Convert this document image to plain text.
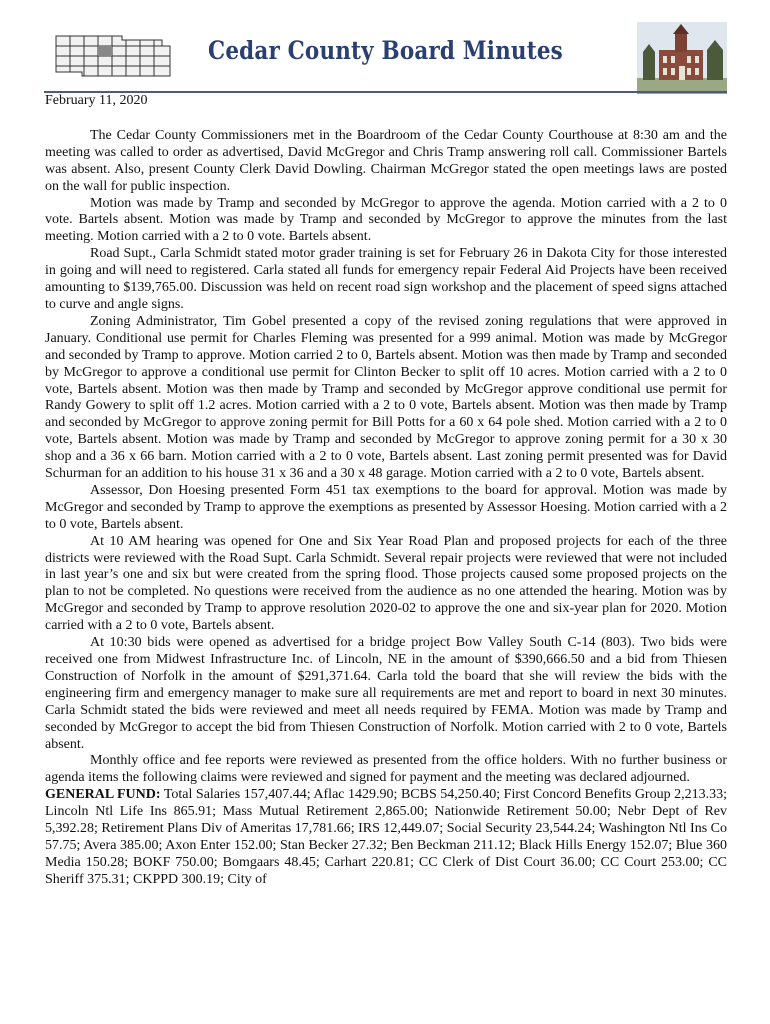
Cedar County Board Minutes

February 11, 2020

The Cedar County Commissioners met in the Boardroom of the Cedar County Courthouse at 8:30 am and the meeting was called to order as advertised, David McGregor and Chris Tramp answering roll call. Commissioner Bartels was absent. Also, present County Clerk David Dowling. Chairman McGregor stated the open meetings laws are posted on the wall for public inspection.

Motion was made by Tramp and seconded by McGregor to approve the agenda. Motion carried with a 2 to 0 vote. Bartels absent. Motion was made by Tramp and seconded by McGregor to approve the minutes from the last meeting. Motion carried with a 2 to 0 vote. Bartels absent.

Road Supt., Carla Schmidt stated motor grader training is set for February 26 in Dakota City for those interested in going and will need to registered. Carla stated all funds for emergency repair Federal Aid Projects have been received amounting to $139,765.00. Discussion was held on recent road sign workshop and the placement of speed signs attached to curve and angle signs.

Zoning Administrator, Tim Gobel presented a copy of the revised zoning regulations that were approved in January. Conditional use permit for Charles Fleming was presented for a 999 animal. Motion was made by McGregor and seconded by Tramp to approve. Motion carried 2 to 0, Bartels absent. Motion was then made by Tramp and seconded by McGregor to approve a conditional use permit for Clinton Becker to split off 10 acres. Motion carried with a 2 to 0 vote, Bartels absent. Motion was then made by Tramp and seconded by McGregor approve conditional use permit for Randy Gowery to split off 1.2 acres. Motion carried with a 2 to 0 vote, Bartels absent. Motion was then made by Tramp and seconded by McGregor to approve zoning permit for Bill Potts for a 60 x 64 pole shed. Motion carried with a 2 to 0 vote, Bartels absent. Motion was made by Tramp and seconded by McGregor to approve zoning permit for a 30 x 30 shop and a 36 x 66 barn. Motion carried with a 2 to 0 vote, Bartels absent. Last zoning permit presented was for David Schurman for an addition to his house 31 x 36 and a 30 x 48 garage. Motion carried with a 2 to 0 vote, Bartels absent.

Assessor, Don Hoesing presented Form 451 tax exemptions to the board for approval. Motion was made by McGregor and seconded by Tramp to approve the exemptions as presented by Assessor Hoesing. Motion carried with a 2 to 0 vote, Bartels absent.

At 10 AM hearing was opened for One and Six Year Road Plan and proposed projects for each of the three districts were reviewed with the Road Supt. Carla Schmidt. Several repair projects were reviewed that were not included in last year’s one and six but were created from the spring flood. Those projects caused some proposed projects on the plan to not be completed. No questions were received from the audience as no one attended the hearing. Motion was by McGregor and seconded by Tramp to approve resolution 2020-02 to approve the one and six-year plan for 2020. Motion carried with a 2 to 0 vote, Bartels absent.

At 10:30 bids were opened as advertised for a bridge project Bow Valley South C-14 (803). Two bids were received one from Midwest Infrastructure Inc. of Lincoln, NE in the amount of $390,666.50 and a bid from Thiesen Construction of Norfolk in the amount of $291,371.64. Carla told the board that she will review the bids with the engineering firm and emergency manager to make sure all requirements are met and report to board in next 30 minutes. Carla Schmidt stated the bids were reviewed and meet all needs required by FEMA. Motion was made by Tramp and seconded by McGregor to accept the bid from Thiesen Construction of Norfolk. Motion carried with 2 to 0 vote, Bartels absent.

Monthly office and fee reports were reviewed as presented from the office holders. With no further business or agenda items the following claims were reviewed and signed for payment and the meeting was declared adjourned.

GENERAL FUND: Total Salaries 157,407.44; Aflac 1429.90; BCBS 54,250.40; First Concord Benefits Group 2,213.33; Lincoln Ntl Life Ins 865.91; Mass Mutual Retirement 2,865.00; Nationwide Retirement 50.00; Nebr Dept of Rev 5,392.28; Retirement Plans Div of Ameritas 17,781.66; IRS 12,449.07; Social Security 23,544.24; Washington Ntl Ins Co 57.75; Avera 385.00; Axon Enter 152.00; Stan Becker 27.32; Ben Beckman 211.12; Black Hills Energy 152.07; Blue 360 Media 150.28; BOKF 750.00; Bomgaars 48.45; Carhart 220.81; CC Clerk of Dist Court 36.00; CC Court 253.00; CC Sheriff 375.31; CKPPD 300.19; City of
